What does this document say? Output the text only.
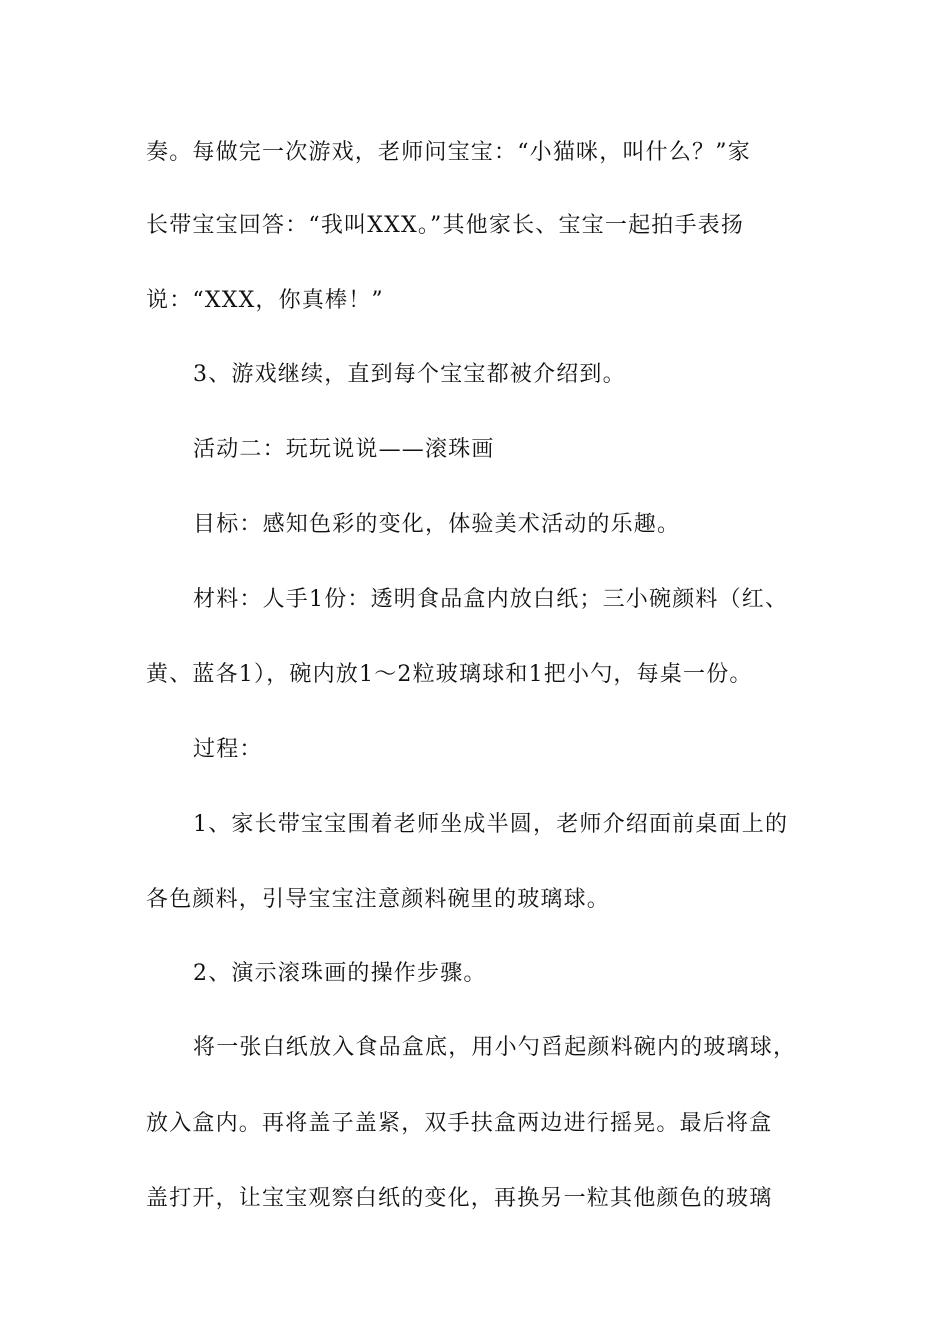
奏。每做完一次游戏，老师问宝宝：“小猫咪，叫什么？”家
长带宝宝回答：“我叫XXX。”其他家长、宝宝一起拍手表扬
说：“XXX，你真棒！”
3、游戏继续，直到每个宝宝都被介绍到。
活动二：玩玩说说——滚珠画
目标：感知色彩的变化，体验美术活动的乐趣。
材料：人手1份：透明食品盒内放白纸；三小碗颜料（红、
黄、蓝各1），碗内放1～2粒玻璃球和1把小勺，每桌一份。
过程：
1、家长带宝宝围着老师坐成半圆，老师介绍面前桌面上的
各色颜料，引导宝宝注意颜料碗里的玻璃球。
2、演示滚珠画的操作步骤。
将一张白纸放入食品盒底，用小勺舀起颜料碗内的玻璃球，
放入盒内。再将盖子盖紧，双手扶盒两边进行摇晃。最后将盒
盖打开，让宝宝观察白纸的变化，再换另一粒其他颜色的玻璃
